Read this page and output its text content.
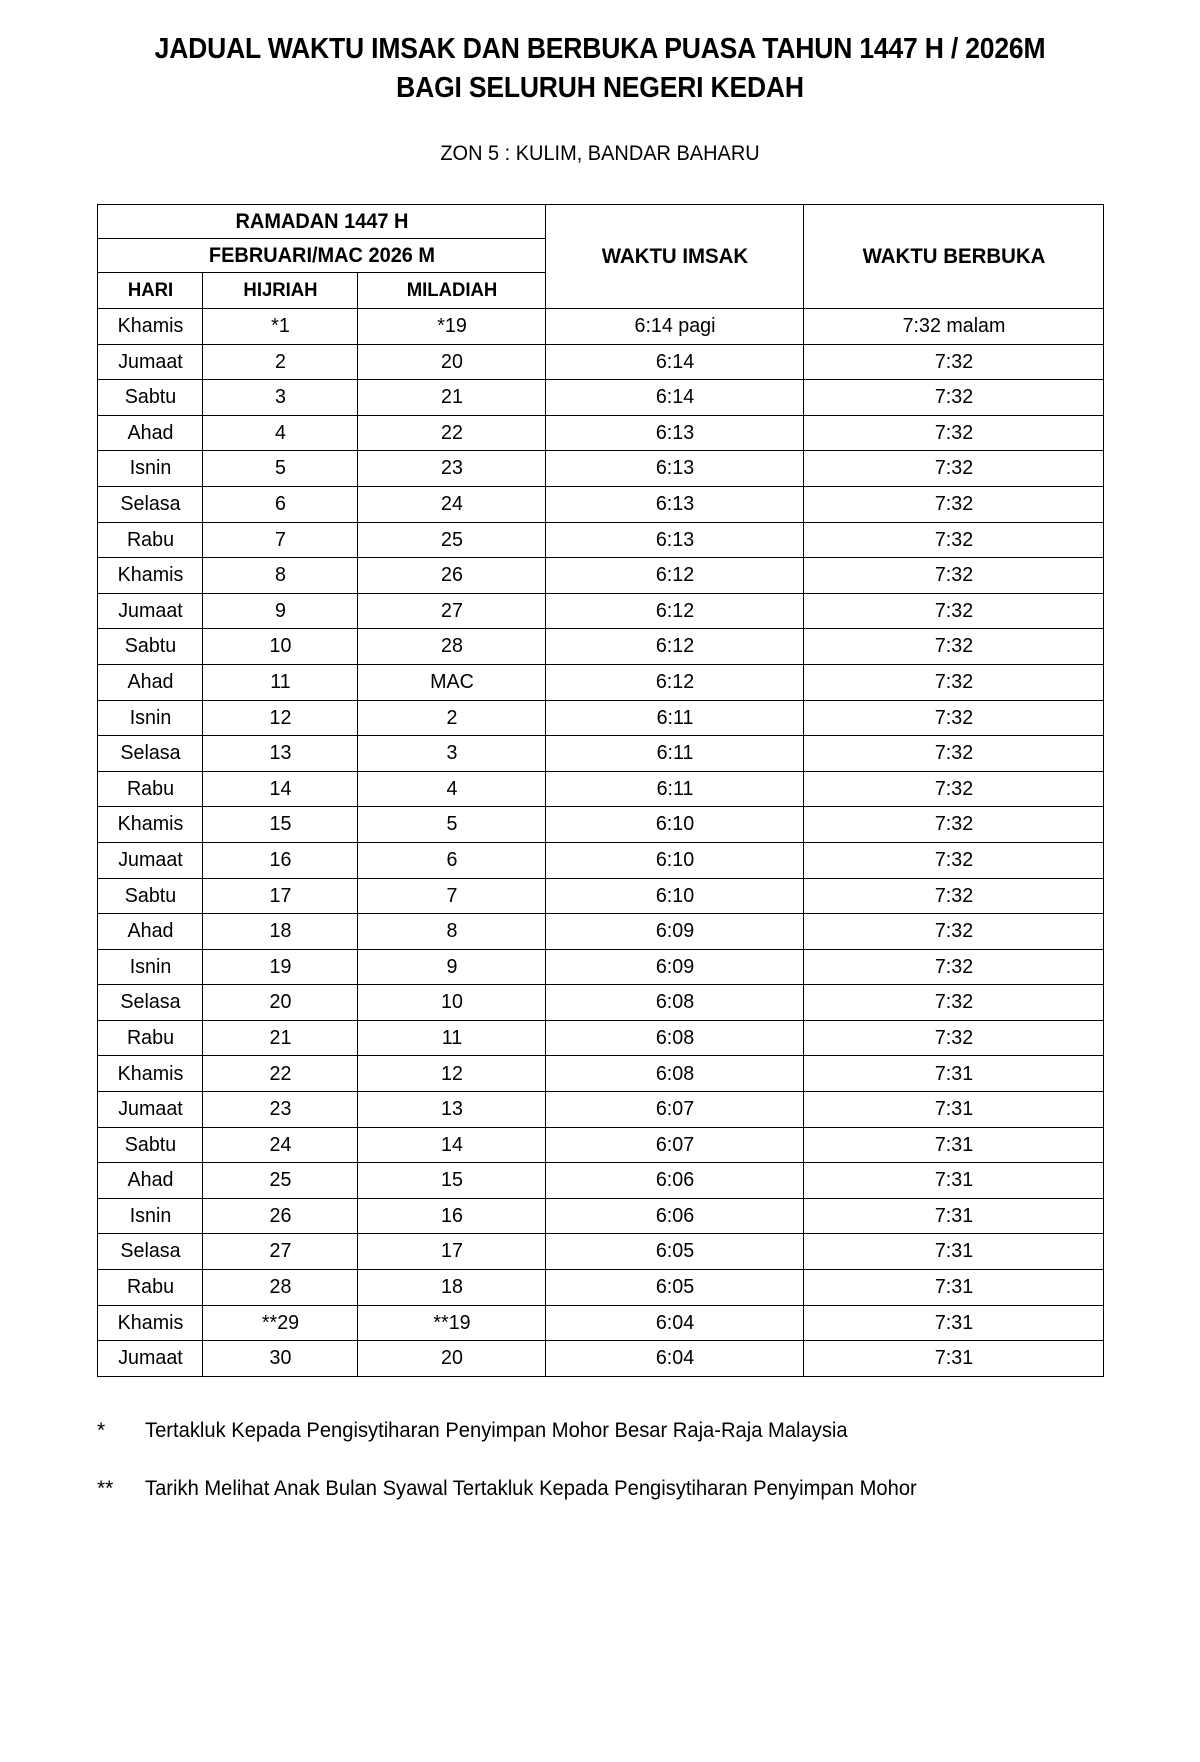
JADUAL WAKTU IMSAK DAN BERBUKA PUASA TAHUN 1447 H / 2026M
BAGI SELURUH NEGERI KEDAH
ZON 5 : KULIM, BANDAR BAHARU
RAMADAN 1447 H			WAKTU IMSAK	WAKTU BERBUKA
FEBRUARI/MAC 2026 M				
HARI	HIJRIAH	MILADIAH		
Khamis	*1	*19	6:14 pagi	7:32 malam
Jumaat	2	20	6:14	7:32
Sabtu	3	21	6:14	7:32
Ahad	4	22	6:13	7:32
Isnin	5	23	6:13	7:32
Selasa	6	24	6:13	7:32
Rabu	7	25	6:13	7:32
Khamis	8	26	6:12	7:32
Jumaat	9	27	6:12	7:32
Sabtu	10	28	6:12	7:32
Ahad	11	MAC	6:12	7:32
Isnin	12	2	6:11	7:32
Selasa	13	3	6:11	7:32
Rabu	14	4	6:11	7:32
Khamis	15	5	6:10	7:32
Jumaat	16	6	6:10	7:32
Sabtu	17	7	6:10	7:32
Ahad	18	8	6:09	7:32
Isnin	19	9	6:09	7:32
Selasa	20	10	6:08	7:32
Rabu	21	11	6:08	7:32
Khamis	22	12	6:08	7:31
Jumaat	23	13	6:07	7:31
Sabtu	24	14	6:07	7:31
Ahad	25	15	6:06	7:31
Isnin	26	16	6:06	7:31
Selasa	27	17	6:05	7:31
Rabu	28	18	6:05	7:31
Khamis	**29	**19	6:04	7:31
Jumaat	30	20	6:04	7:31
*	Tertakluk Kepada Pengisytiharan Penyimpan Mohor Besar Raja-Raja Malaysia
**	Tarikh Melihat Anak Bulan Syawal Tertakluk Kepada Pengisytiharan Penyimpan Mohor
